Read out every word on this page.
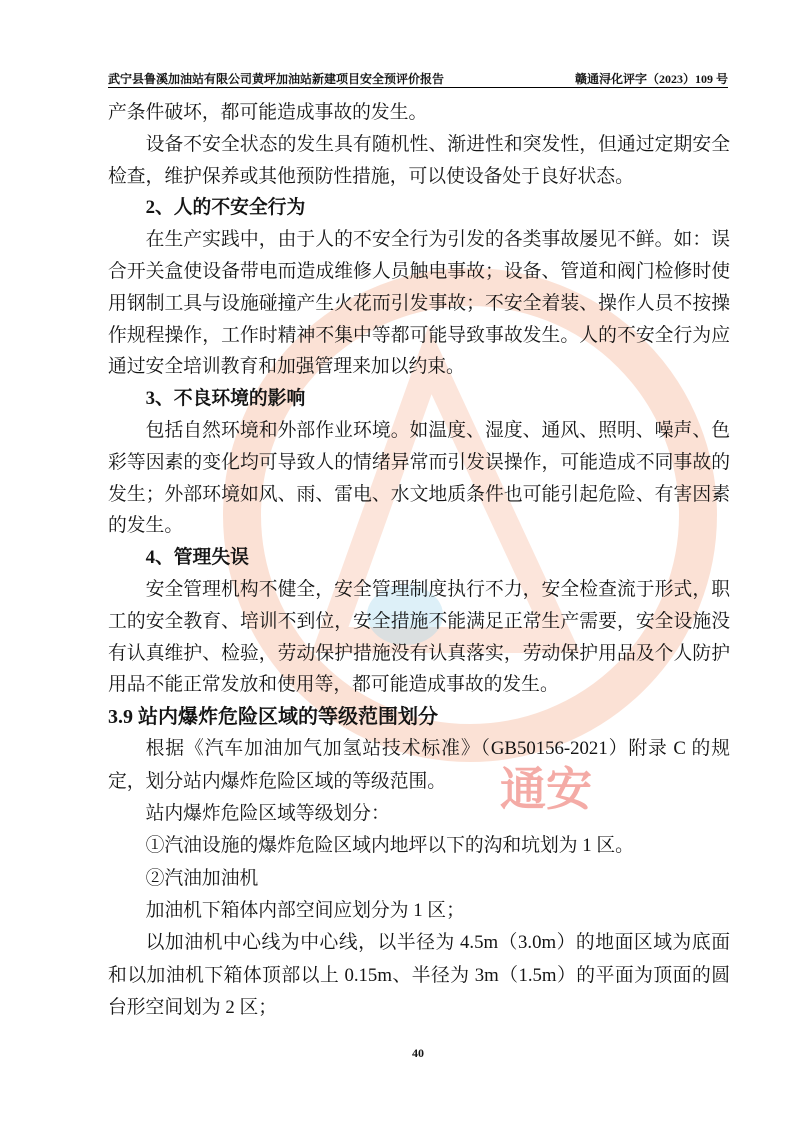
通安
武宁县鲁溪加油站有限公司黄坪加油站新建项目安全预评价报告	赣通浔化评字（2023）109 号

产条件破坏，都可能造成事故的发生。

设备不安全状态的发生具有随机性、渐进性和突发性，但通过定期安全检查，维护保养或其他预防性措施，可以使设备处于良好状态。

2、人的不安全行为

在生产实践中，由于人的不安全行为引发的各类事故屡见不鲜。如：误合开关盒使设备带电而造成维修人员触电事故；设备、管道和阀门检修时使用钢制工具与设施碰撞产生火花而引发事故；不安全着装、操作人员不按操作规程操作，工作时精神不集中等都可能导致事故发生。人的不安全行为应通过安全培训教育和加强管理来加以约束。

3、不良环境的影响

包括自然环境和外部作业环境。如温度、湿度、通风、照明、噪声、色彩等因素的变化均可导致人的情绪异常而引发误操作，可能造成不同事故的发生；外部环境如风、雨、雷电、水文地质条件也可能引起危险、有害因素的发生。

4、管理失误

安全管理机构不健全，安全管理制度执行不力，安全检查流于形式，职工的安全教育、培训不到位，安全措施不能满足正常生产需要，安全设施没有认真维护、检验，劳动保护措施没有认真落实，劳动保护用品及个人防护用品不能正常发放和使用等，都可能造成事故的发生。

3.9 站内爆炸危险区域的等级范围划分

根据《汽车加油加气加氢站技术标准》（GB50156-2021）附录 C 的规定，划分站内爆炸危险区域的等级范围。

站内爆炸危险区域等级划分：

①汽油设施的爆炸危险区域内地坪以下的沟和坑划为 1 区。

②汽油加油机

加油机下箱体内部空间应划分为 1 区；

以加油机中心线为中心线，以半径为 4.5m（3.0m）的地面区域为底面和以加油机下箱体顶部以上 0.15m、半径为 3m（1.5m）的平面为顶面的圆台形空间划为 2 区；

40
